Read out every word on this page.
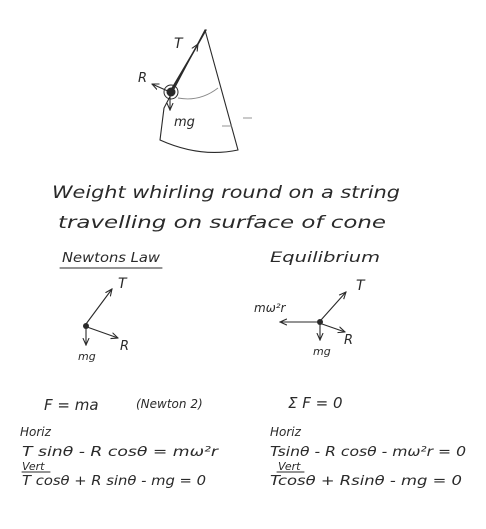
T
R
mg
Weight whirling round on a string
travelling on surface of cone
Newtons Law
T
R
mg
F = ma	(Newton 2)
Horiz
T sinθ - R cosθ = mω²r
Vert
T cosθ + R sinθ - mg = 0
Equilibrium
T
mω²r
R
mg
Σ F = 0
Horiz
Tsinθ - R cosθ - mω²r = 0
Vert
Tcosθ + Rsinθ - mg = 0
